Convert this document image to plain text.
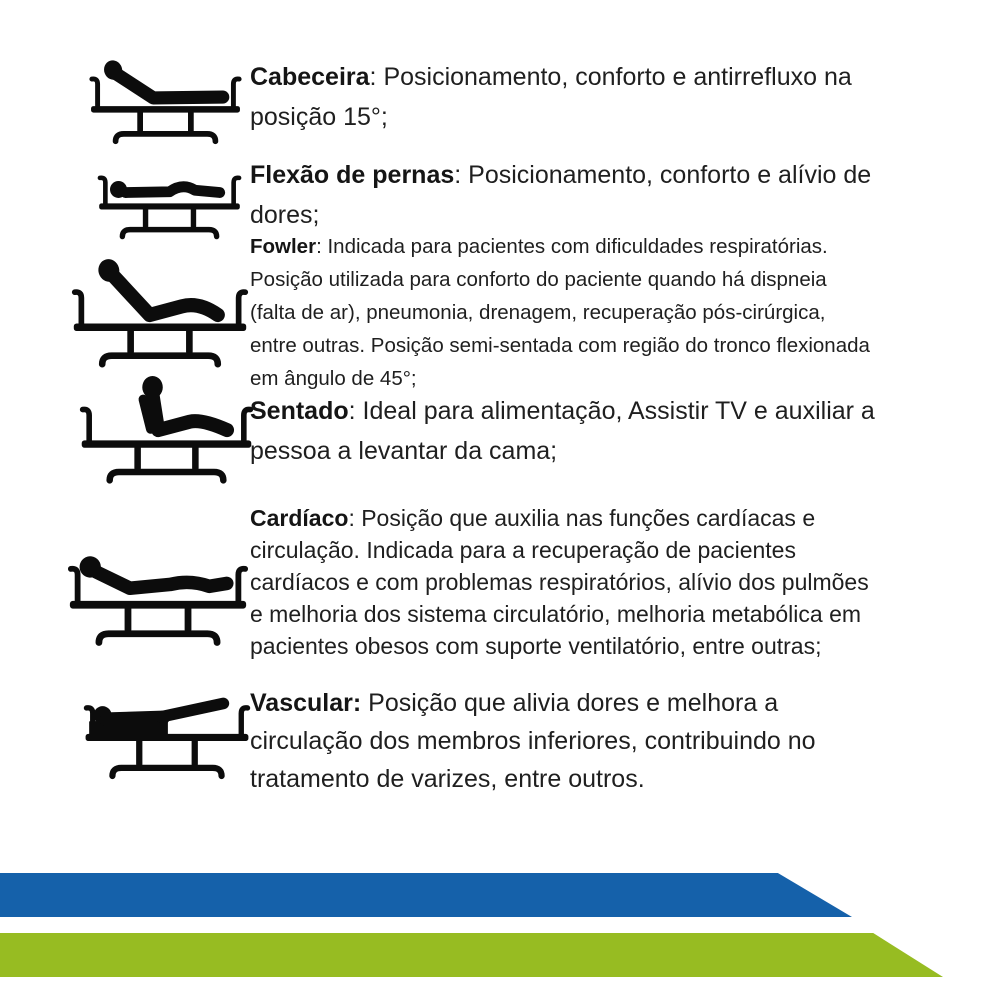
Cabeceira: Posicionamento, conforto e antirrefluxo na
posição 15°;
Flexão de pernas: Posicionamento, conforto e alívio de
dores;
Fowler: Indicada para pacientes com dificuldades respiratórias.
Posição utilizada para conforto do paciente quando há dispneia
(falta de ar), pneumonia, drenagem, recuperação pós-cirúrgica,
entre outras. Posição semi-sentada com região do tronco flexionada
em ângulo de 45°;
Sentado: Ideal para alimentação, Assistir TV e auxiliar a
pessoa a levantar da cama;
Cardíaco: Posição que auxilia nas funções cardíacas e
circulação. Indicada para a recuperação de pacientes
cardíacos e com problemas respiratórios, alívio dos pulmões
e melhoria dos sistema circulatório, melhoria metabólica em
pacientes obesos com suporte ventilatório, entre outras;
Vascular: Posição que alivia dores e melhora a
circulação dos membros inferiores, contribuindo no
tratamento de varizes, entre outros.
